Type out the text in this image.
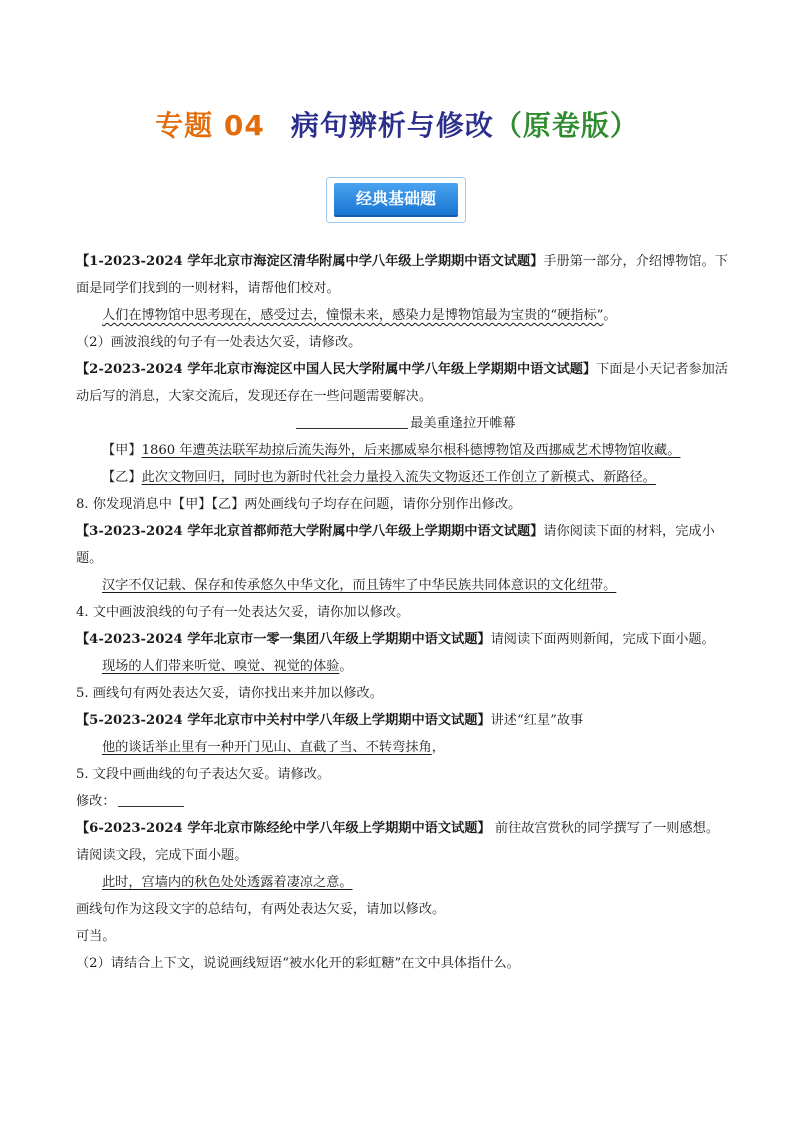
专题 04 病句辨析与修改（原卷版）
经典基础题

【1-2023-2024 学年北京市海淀区清华附属中学八年级上学期期中语文试题】手册第一部分，介绍博物馆。下面是同学们找到的一则材料，请帮他们校对。

人们在博物馆中思考现在，感受过去，憧憬未来，感染力是博物馆最为宝贵的“硬指标”。

（2）画波浪线的句子有一处表达欠妥，请修改。

【2-2023-2024 学年北京市海淀区中国人民大学附属中学八年级上学期期中语文试题】下面是小天记者参加活动后写的消息，大家交流后，发现还存在一些问题需要解决。

最美重逢拉开帷幕

【甲】1860 年遭英法联军劫掠后流失海外，后来挪威皋尔根科德博物馆及西挪威艺术博物馆收藏。

【乙】此次文物回归，同时也为新时代社会力量投入流失文物返还工作创立了新模式、新路径。

8. 你发现消息中【甲】【乙】两处画线句子均存在问题，请你分别作出修改。

【3-2023-2024 学年北京首都师范大学附属中学八年级上学期期中语文试题】请你阅读下面的材料，完成小题。

汉字不仅记载、保存和传承悠久中华文化，而且铸牢了中华民族共同体意识的文化纽带。

4. 文中画波浪线的句子有一处表达欠妥，请你加以修改。

【4-2023-2024 学年北京市一零一集团八年级上学期期中语文试题】请阅读下面两则新闻，完成下面小题。

现场的人们带来听觉、嗅觉、视觉的体验。

5. 画线句有两处表达欠妥，请你找出来并加以修改。

【5-2023-2024 学年北京市中关村中学八年级上学期期中语文试题】讲述“红星”故事

他的谈话举止里有一种开门见山、直截了当、不转弯抹角，

5. 文段中画曲线的句子表达欠妥。请修改。

修改：

【6-2023-2024 学年北京市陈经纶中学八年级上学期期中语文试题】 前往故宫赏秋的同学撰写了一则感想。

请阅读文段，完成下面小题。

此时，宫墙内的秋色处处透露着凄凉之意。

画线句作为这段文字的总结句，有两处表达欠妥，请加以修改。

可当。

（2）请结合上下文，说说画线短语“被水化开的彩虹糖”在文中具体指什么。
